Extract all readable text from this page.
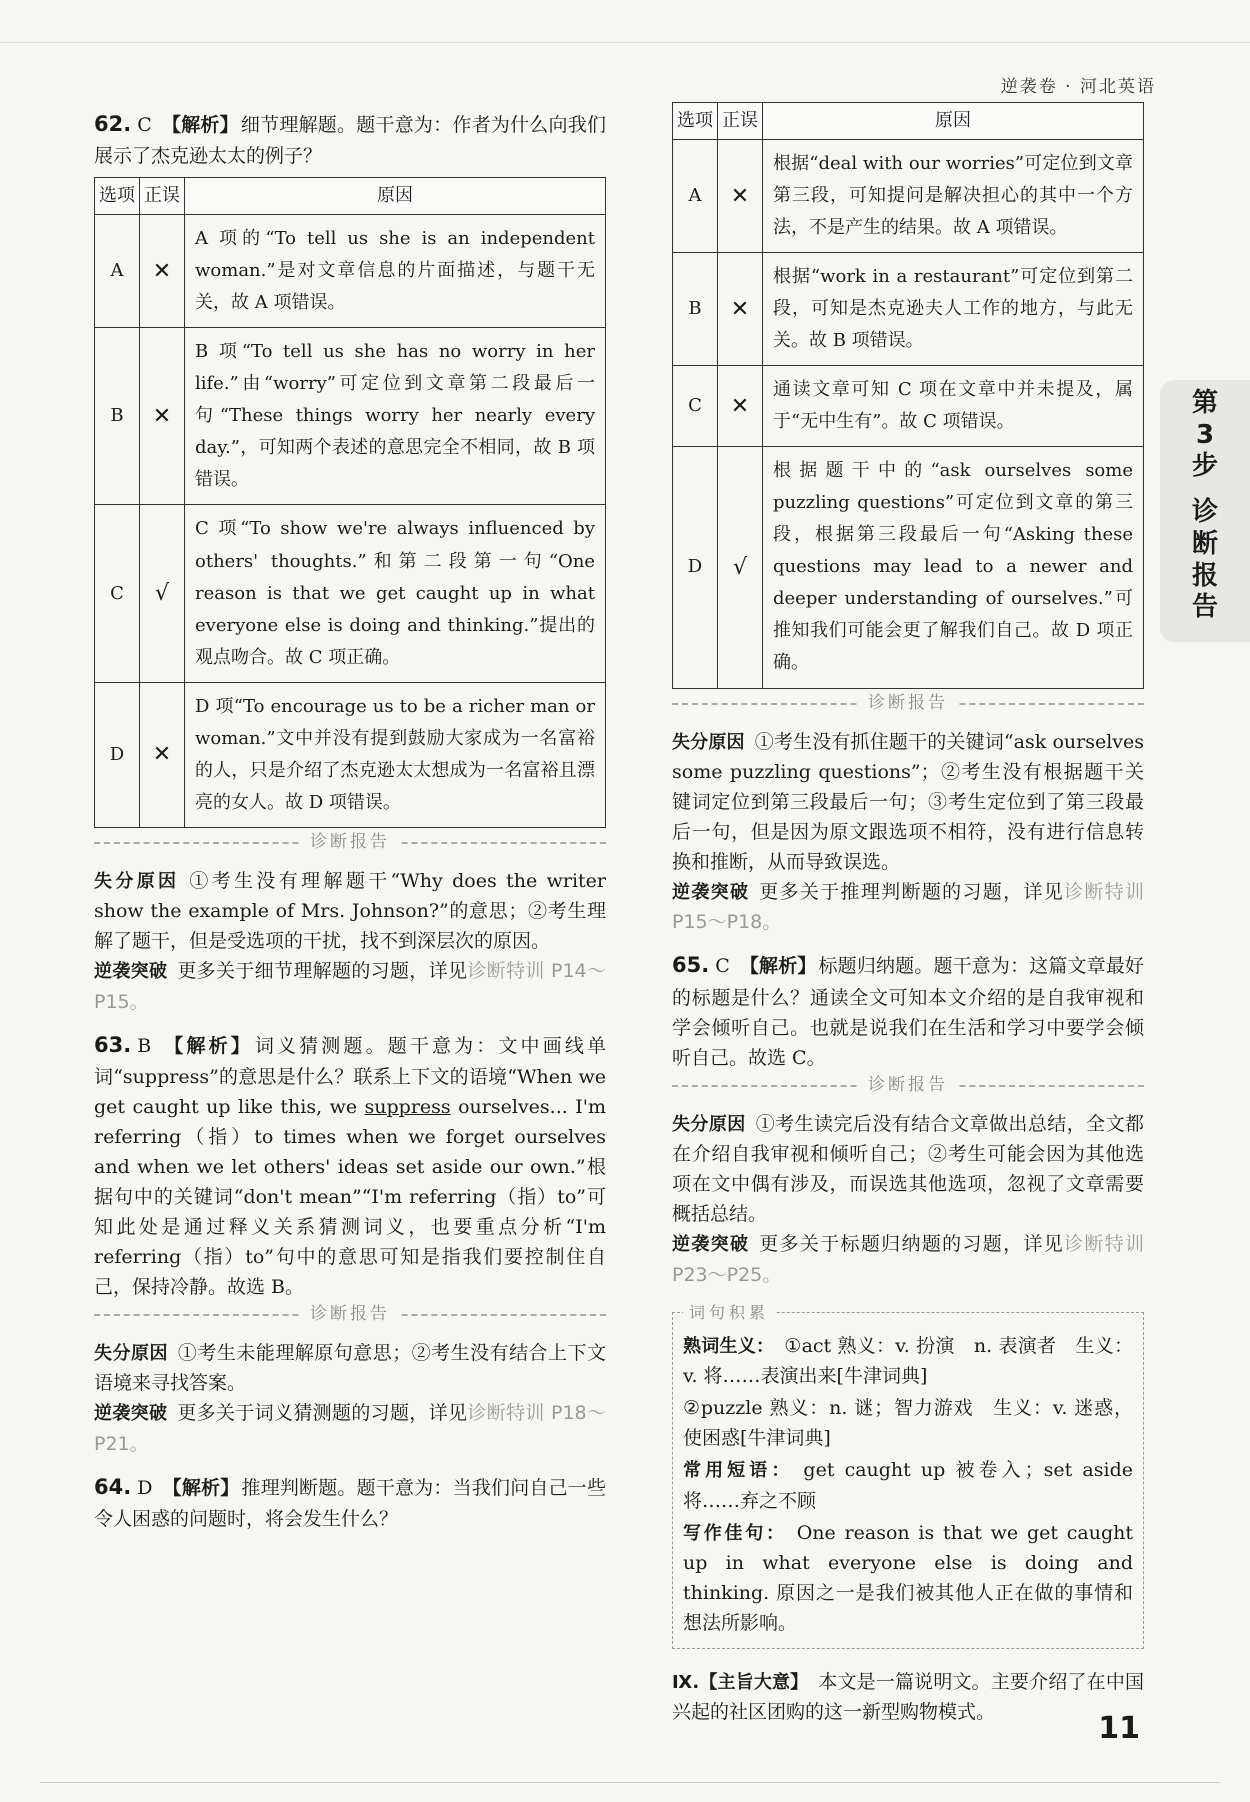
逆袭卷 · 河北英语

62. C 【解析】 细节理解题。题干意为：作者为什么向我们展示了杰克逊太太的例子？

选项	正误	原因
A	✕	A 项的“To tell us she is an independent woman.”是对文章信息的片面描述，与题干无关，故 A 项错误。
B	✕	B 项“To tell us she has no worry in her life.”由“worry”可定位到文章第二段最后一句“These things worry her nearly every day.”，可知两个表述的意思完全不相同，故 B 项错误。
C	√	C 项“To show we're always influenced by others' thoughts.”和第二段第一句“One reason is that we get caught up in what everyone else is doing and thinking.”提出的观点吻合。故 C 项正确。
D	✕	D 项“To encourage us to be a richer man or woman.”文中并没有提到鼓励大家成为一名富裕的人，只是介绍了杰克逊太太想成为一名富裕且漂亮的女人。故 D 项错误。
诊断报告

失分原因 ①考生没有理解题干“Why does the writer show the example of Mrs. Johnson?”的意思；②考生理解了题干，但是受选项的干扰，找不到深层次的原因。

逆袭突破 更多关于细节理解题的习题，详见诊断特训 P14～P15。

63. B 【解析】 词义猜测题。题干意为：文中画线单词“suppress”的意思是什么？联系上下文的语境“When we get caught up like this, we suppress ourselves... I'm referring（指）to times when we forget ourselves and when we let others' ideas set aside our own.”根据句中的关键词“don't mean”“I'm referring（指）to”可知此处是通过释义关系猜测词义，也要重点分析“I'm referring（指）to”句中的意思可知是指我们要控制住自己，保持冷静。故选 B。

诊断报告

失分原因 ①考生未能理解原句意思；②考生没有结合上下文语境来寻找答案。

逆袭突破 更多关于词义猜测题的习题，详见诊断特训 P18～P21。

64. D 【解析】 推理判断题。题干意为：当我们问自己一些令人困惑的问题时，将会发生什么？

选项	正误	原因
A	✕	根据“deal with our worries”可定位到文章第三段，可知提问是解决担心的其中一个方法，不是产生的结果。故 A 项错误。
B	✕	根据“work in a restaurant”可定位到第二段，可知是杰克逊夫人工作的地方，与此无关。故 B 项错误。
C	✕	通读文章可知 C 项在文章中并未提及，属于“无中生有”。故 C 项错误。
D	√	根据题干中的“ask ourselves some puzzling questions”可定位到文章的第三段，根据第三段最后一句“Asking these questions may lead to a newer and deeper understanding of ourselves.”可推知我们可能会更了解我们自己。故 D 项正确。
诊断报告

失分原因 ①考生没有抓住题干的关键词“ask ourselves some puzzling questions”；②考生没有根据题干关键词定位到第三段最后一句；③考生定位到了第三段最后一句，但是因为原文跟选项不相符，没有进行信息转换和推断，从而导致误选。

逆袭突破 更多关于推理判断题的习题，详见诊断特训 P15～P18。

65. C 【解析】 标题归纳题。题干意为：这篇文章最好的标题是什么？通读全文可知本文介绍的是自我审视和学会倾听自己。也就是说我们在生活和学习中要学会倾听自己。故选 C。

诊断报告

失分原因 ①考生读完后没有结合文章做出总结，全文都在介绍自我审视和倾听自己；②考生可能会因为其他选项在文中偶有涉及，而误选其他选项，忽视了文章需要概括总结。

逆袭突破 更多关于标题归纳题的习题，详见诊断特训 P23～P25。

词句积累

熟词生义： ①act 熟义：v. 扮演　n. 表演者　生义：v. 将……表演出来[牛津词典]

②puzzle 熟义：n. 谜；智力游戏　生义：v. 迷惑，使困惑[牛津词典]

常用短语： get caught up 被卷入；set aside 将……弃之不顾

写作佳句： One reason is that we get caught up in what everyone else is doing and thinking. 原因之一是我们被其他人正在做的事情和想法所影响。

Ⅸ.【主旨大意】 本文是一篇说明文。主要介绍了在中国兴起的社区团购的这一新型购物模式。

第3步
诊断报告
11
